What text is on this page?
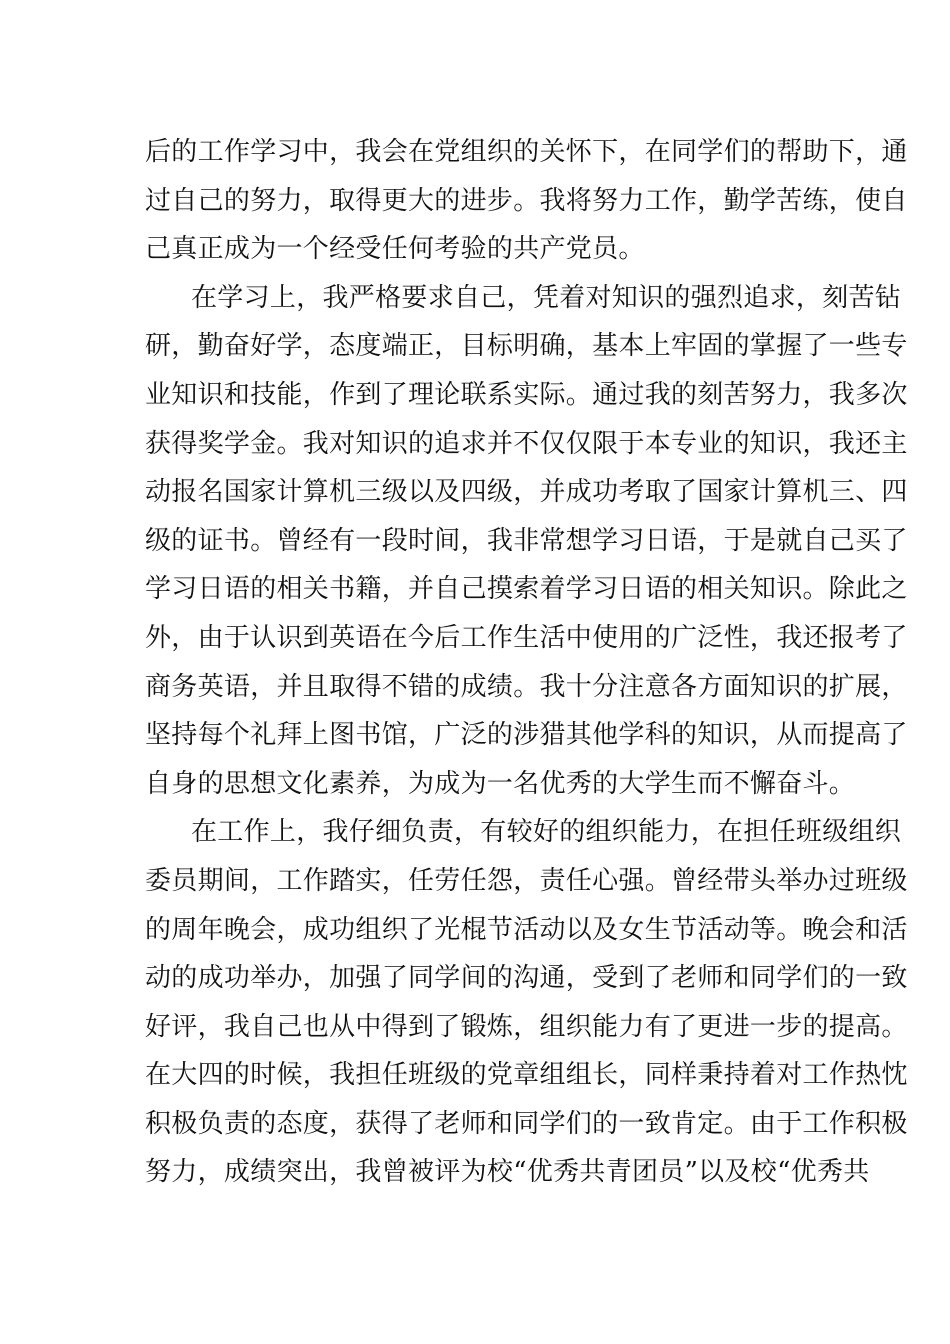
后的工作学习中，我会在党组织的关怀下，在同学们的帮助下，通
过自己的努力，取得更大的进步。我将努力工作，勤学苦练，使自
己真正成为一个经受任何考验的共产党员。
在学习上，我严格要求自己，凭着对知识的强烈追求，刻苦钻
研，勤奋好学，态度端正，目标明确，基本上牢固的掌握了一些专
业知识和技能，作到了理论联系实际。通过我的刻苦努力，我多次
获得奖学金。我对知识的追求并不仅仅限于本专业的知识，我还主
动报名国家计算机三级以及四级，并成功考取了国家计算机三、四
级的证书。曾经有一段时间，我非常想学习日语，于是就自己买了
学习日语的相关书籍，并自己摸索着学习日语的相关知识。除此之
外，由于认识到英语在今后工作生活中使用的广泛性，我还报考了
商务英语，并且取得不错的成绩。我十分注意各方面知识的扩展，
坚持每个礼拜上图书馆，广泛的涉猎其他学科的知识，从而提高了
自身的思想文化素养，为成为一名优秀的大学生而不懈奋斗。
在工作上，我仔细负责，有较好的组织能力，在担任班级组织
委员期间，工作踏实，任劳任怨，责任心强。曾经带头举办过班级
的周年晚会，成功组织了光棍节活动以及女生节活动等。晚会和活
动的成功举办，加强了同学间的沟通，受到了老师和同学们的一致
好评，我自己也从中得到了锻炼，组织能力有了更进一步的提高。
在大四的时候，我担任班级的党章组组长，同样秉持着对工作热忱
积极负责的态度，获得了老师和同学们的一致肯定。由于工作积极
努力，成绩突出，我曾被评为校“优秀共青团员”以及校“优秀共
